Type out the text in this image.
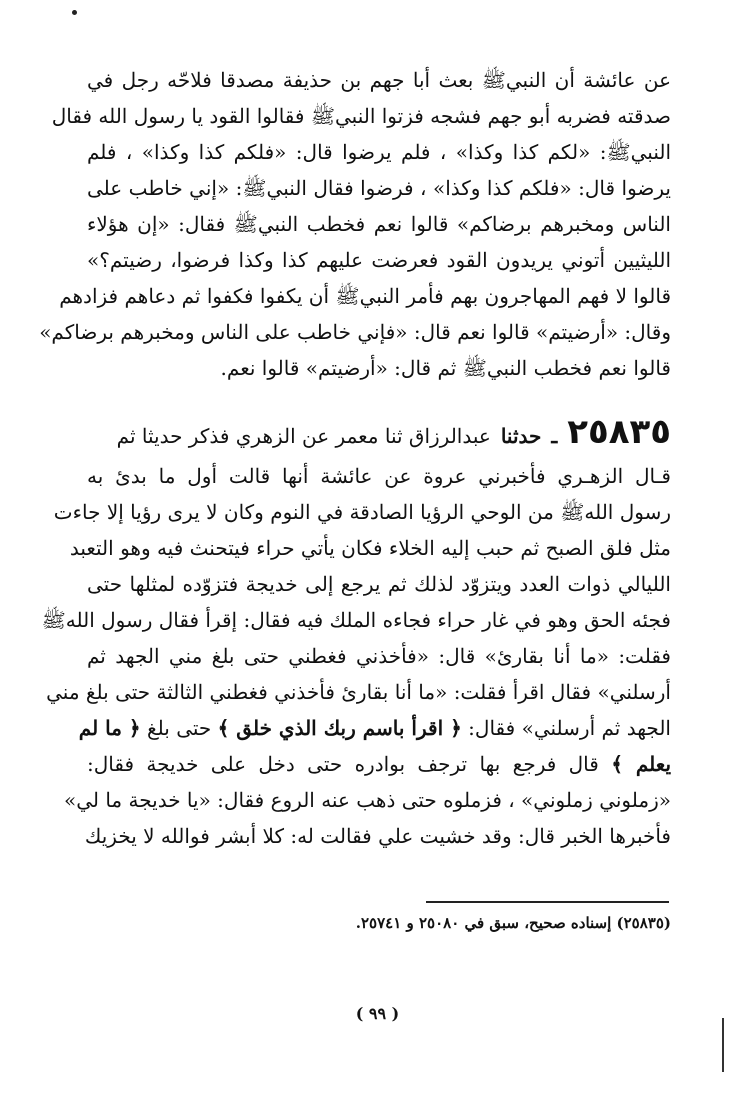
عن عائشة أن النبيﷺ بعث أبا جهم بن حذيفة مصدقا فلاحّه رجل في
صدقته فضربه أبو جهم فشجه فزتوا النبيﷺ فقالوا القود يا رسول الله فقال
النبيﷺ: «لكم كذا وكذا» ، فلم يرضوا قال: «فلكم كذا وكذا» ، فلم
يرضوا قال: «فلكم كذا وكذا» ، فرضوا فقال النبيﷺ: «إني خاطب على
الناس ومخبرهم برضاكم» قالوا نعم فخطب النبيﷺ فقال: «إن هؤلاء
الليثيين أتوني يريدون القود فعرضت عليهم كذا وكذا فرضوا، رضيتم؟»
قالوا لا فهم المهاجرون بهم فأمر النبيﷺ أن يكفوا فكفوا ثم دعاهم فزادهم
وقال: «أرضيتم» قالوا نعم قال: «فإني خاطب على الناس ومخبرهم برضاكم»
قالوا نعم فخطب النبيﷺ ثم قال: «أرضيتم» قالوا نعم.
٢٥٨٣٥
ـ
حدثنا
عبدالرزاق ثنا معمر عن الزهري فذكر حديثا ثم
قـال الزهـري فأخبرني عروة عن عائشة أنها قالت أول ما بدئ به
رسول اللهﷺ من الوحي الرؤيا الصادقة في النوم وكان لا يرى رؤيا إلا جاءت
مثل فلق الصبح ثم حبب إليه الخلاء فكان يأتي حراء فيتحنث فيه وهو التعبد
الليالي ذوات العدد ويتزوّد لذلك ثم يرجع إلى خديجة فتزوّده لمثلها حتى
فجئه الحق وهو في غار حراء فجاءه الملك فيه فقال: إقرأ فقال رسول اللهﷺ
فقلت: «ما أنا بقارئ» قال: «فأخذني فغطني حتى بلغ مني الجهد ثم
أرسلني» فقال اقرأ فقلت: «ما أنا بقارئ فأخذني فغطني الثالثة حتى بلغ مني
الجهد ثم أرسلني» فقال: ﴿ اقرأ باسم ربك الذي خلق ﴾ حتى بلغ ﴿ ما لم
يعلم ﴾ قال فرجع بها ترجف بوادره حتى دخل على خديجة فقال:
«زملوني زملوني» ، فزملوه حتى ذهب عنه الروع فقال: «يا خديجة ما لي»
فأخبرها الخبر قال: وقد خشيت علي فقالت له: كلا أبشر فوالله لا يخزيك
(٢٥٨٣٥) إسناده صحيح، سبق في ٢٥٠٨٠ و ٢٥٧٤١.
( ٩٩ )
